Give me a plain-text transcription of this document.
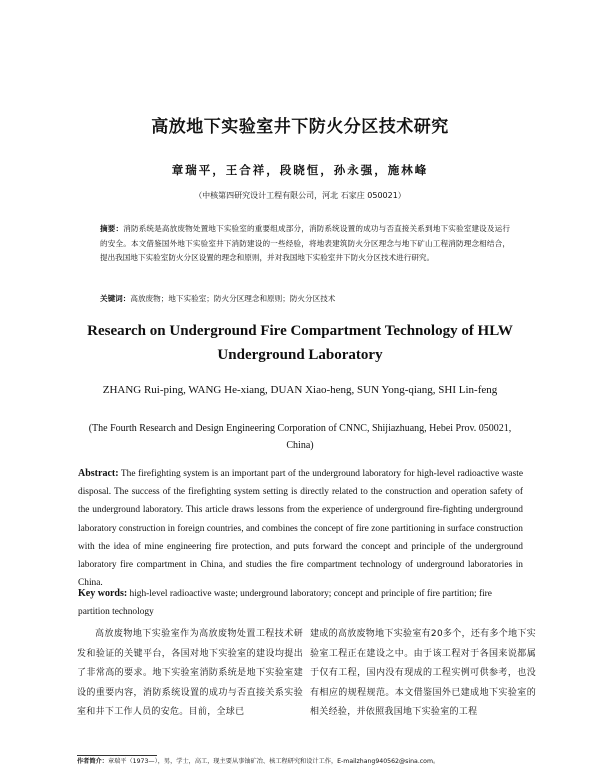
高放地下实验室井下防火分区技术研究
章瑞平，王合祥，段晓恒，孙永强，施林峰
（中核第四研究设计工程有限公司，河北 石家庄 050021）
摘要：消防系统是高放废物处置地下实验室的重要组成部分，消防系统设置的成功与否直接关系到地下实验室建设及运行的安全。本文借鉴国外地下实验室井下消防建设的一些经验，将地表建筑防火分区理念与地下矿山工程消防理念相结合，提出我国地下实验室防火分区设置的理念和原则，并对我国地下实验室井下防火分区技术进行研究。
关键词：高放废物；地下实验室；防火分区理念和原则；防火分区技术
Research on Underground Fire Compartment Technology of HLW Underground Laboratory
ZHANG Rui-ping, WANG He-xiang, DUAN Xiao-heng, SUN Yong-qiang, SHI Lin-feng
(The Fourth Research and Design Engineering Corporation of CNNC, Shijiazhuang, Hebei Prov. 050021, China)
Abstract: The firefighting system is an important part of the underground laboratory for high-level radioactive waste disposal. The success of the firefighting system setting is directly related to the construction and operation safety of the underground laboratory. This article draws lessons from the experience of underground fire-fighting underground laboratory construction in foreign countries, and combines the concept of fire zone partitioning in surface construction with the idea of mine engineering fire protection, and puts forward the concept and principle of the underground laboratory fire compartment in China, and studies the fire compartment technology of underground laboratories in China.
Key words: high-level radioactive waste; underground laboratory; concept and principle of fire partition; fire partition technology
高放废物地下实验室作为高放废物处置工程技术研发和验证的关键平台，各国对地下实验室的建设均提出了非常高的要求。地下实验室消防系统是地下实验室建设的重要内容，消防系统设置的成功与否直接关系实验室和井下工作人员的安危。目前，全球已
建成的高放废物地下实验室有20多个，还有多个地下实验室工程正在建设之中。由于该工程对于各国来说都属于仅有工程，国内没有现成的工程实例可供参考，也没有相应的规程规范。本文借鉴国外已建成地下实验室的相关经验，并依照我国地下实验室的工程
作者简介：章瑞平（1973—），男，学士，高工，现主要从事铀矿冶、核工程研究和设计工作，E-mailzhang940562@sina.com。
